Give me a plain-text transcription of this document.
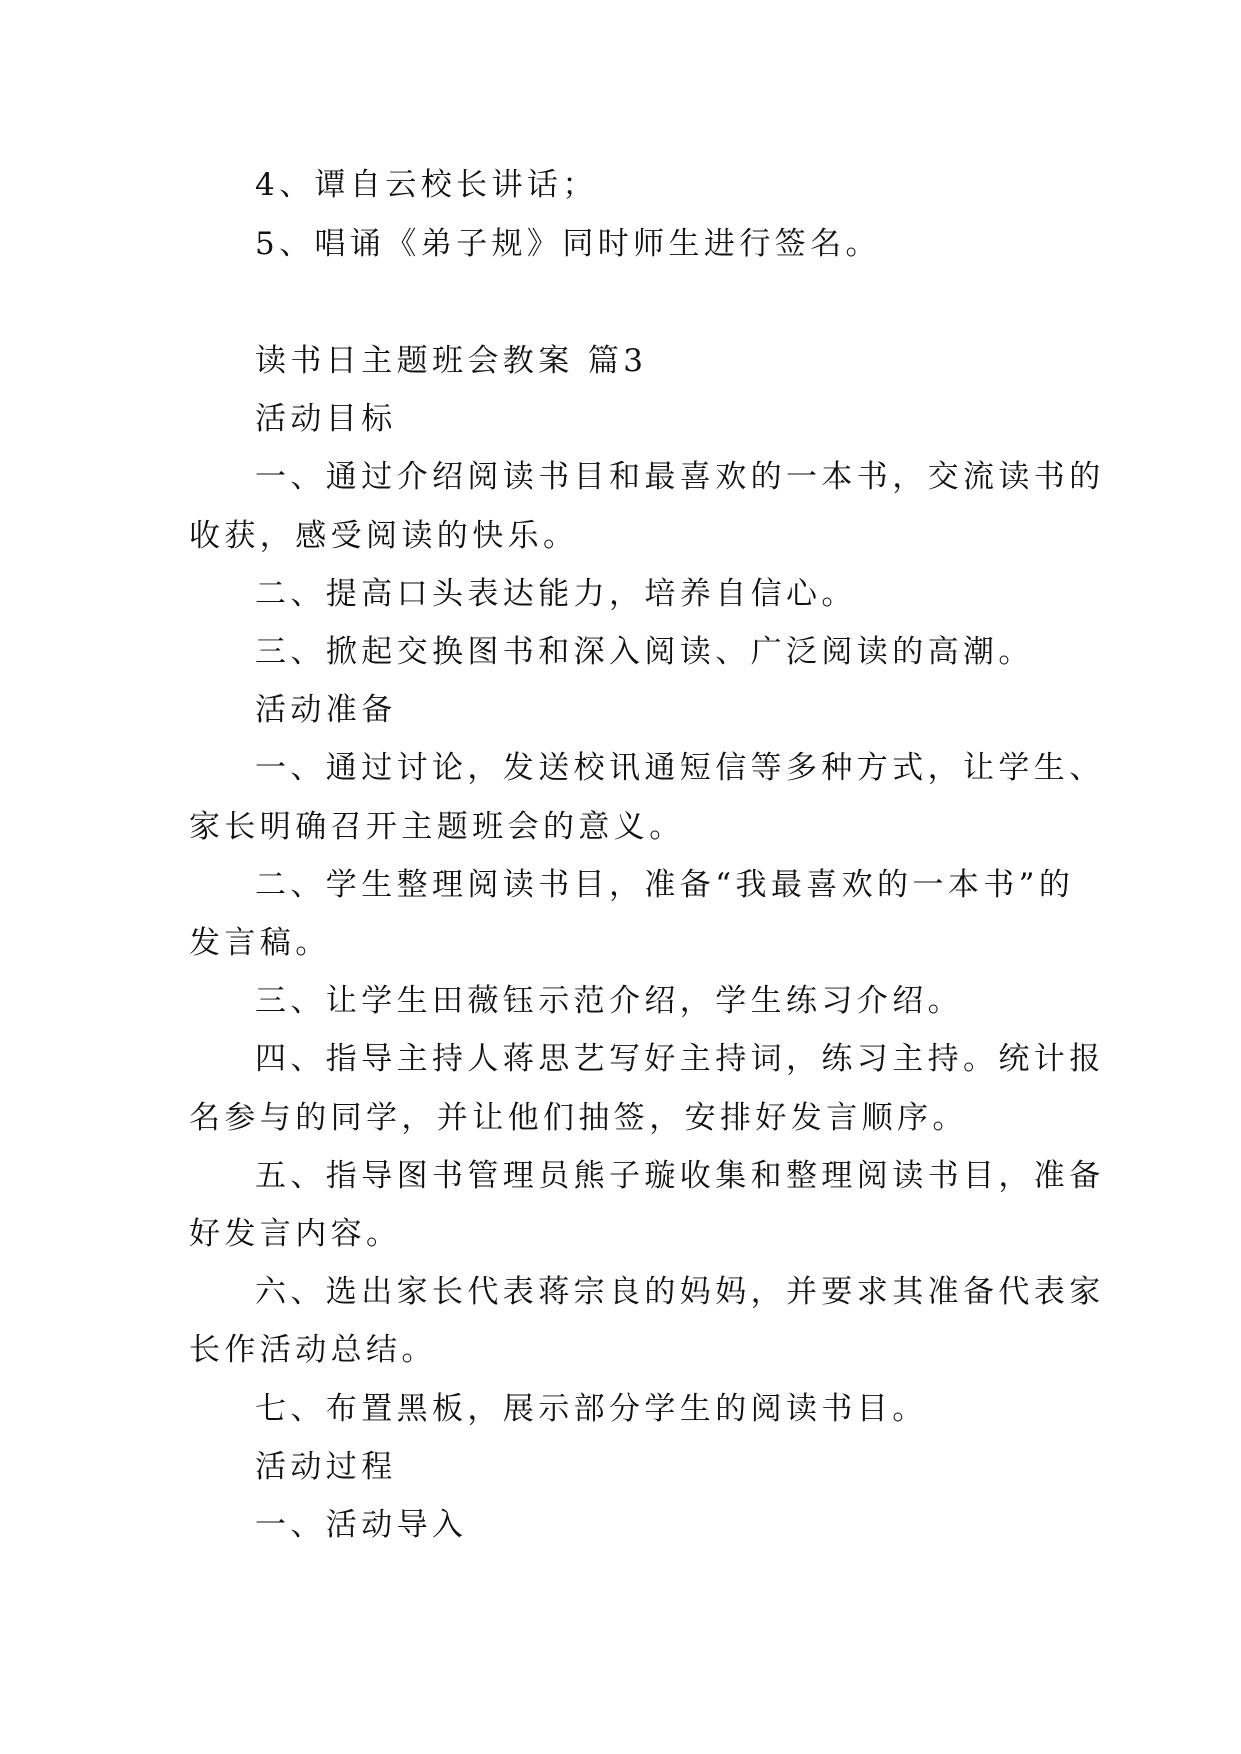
4、谭自云校长讲话；
5、唱诵《弟子规》同时师生进行签名。
读书日主题班会教案 篇3
活动目标
一、通过介绍阅读书目和最喜欢的一本书，交流读书的
收获，感受阅读的快乐。
二、提高口头表达能力，培养自信心。
三、掀起交换图书和深入阅读、广泛阅读的高潮。
活动准备
一、通过讨论，发送校讯通短信等多种方式，让学生、
家长明确召开主题班会的意义。
二、学生整理阅读书目，准备“我最喜欢的一本书”的
发言稿。
三、让学生田薇钰示范介绍，学生练习介绍。
四、指导主持人蒋思艺写好主持词，练习主持。统计报
名参与的同学，并让他们抽签，安排好发言顺序。
五、指导图书管理员熊子璇收集和整理阅读书目，准备
好发言内容。
六、选出家长代表蒋宗良的妈妈，并要求其准备代表家
长作活动总结。
七、布置黑板，展示部分学生的阅读书目。
活动过程
一、活动导入
